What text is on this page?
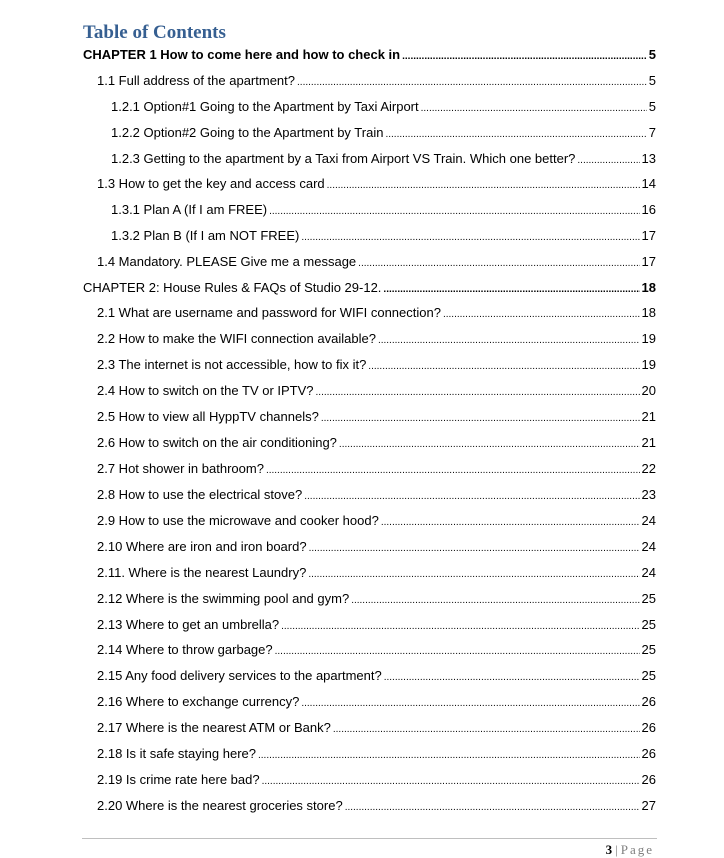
Table of Contents
CHAPTER 1 How to come here and how to check in .....	5
1.1 Full address of the apartment? .....	5
1.2.1 Option#1 Going to the Apartment by Taxi Airport .....	5
1.2.2 Option#2 Going to the Apartment by Train .....	7
1.2.3 Getting to the apartment by a Taxi from Airport VS Train. Which one better? .....	13
1.3 How to get the key and access card .....	14
1.3.1 Plan A (If I am FREE) .....	16
1.3.2 Plan B (If I am NOT FREE) .....	17
1.4 Mandatory. PLEASE Give me a message .....	17
CHAPTER 2: House Rules & FAQs of Studio 29-12. .....	18
2.1 What are username and password for WIFI connection? .....	18
2.2 How to make the WIFI connection available? .....	19
2.3 The internet is not accessible, how to fix it? .....	19
2.4 How to switch on the TV or IPTV? .....	20
2.5 How to view all HyppTV channels? .....	21
2.6 How to switch on the air conditioning? .....	21
2.7 Hot shower in bathroom? .....	22
2.8 How to use the electrical stove? .....	23
2.9 How to use the microwave and cooker hood? .....	24
2.10 Where are iron and iron board? .....	24
2.11. Where is the nearest Laundry? .....	24
2.12 Where is the swimming pool and gym? .....	25
2.13 Where to get an umbrella? .....	25
2.14 Where to throw garbage? .....	25
2.15 Any food delivery services to the apartment? .....	25
2.16 Where to exchange currency? .....	26
2.17 Where is the nearest ATM or Bank? .....	26
2.18 Is it safe staying here? .....	26
2.19 Is crime rate here bad? .....	26
2.20 Where is the nearest groceries store? .....	27
3 | Page
